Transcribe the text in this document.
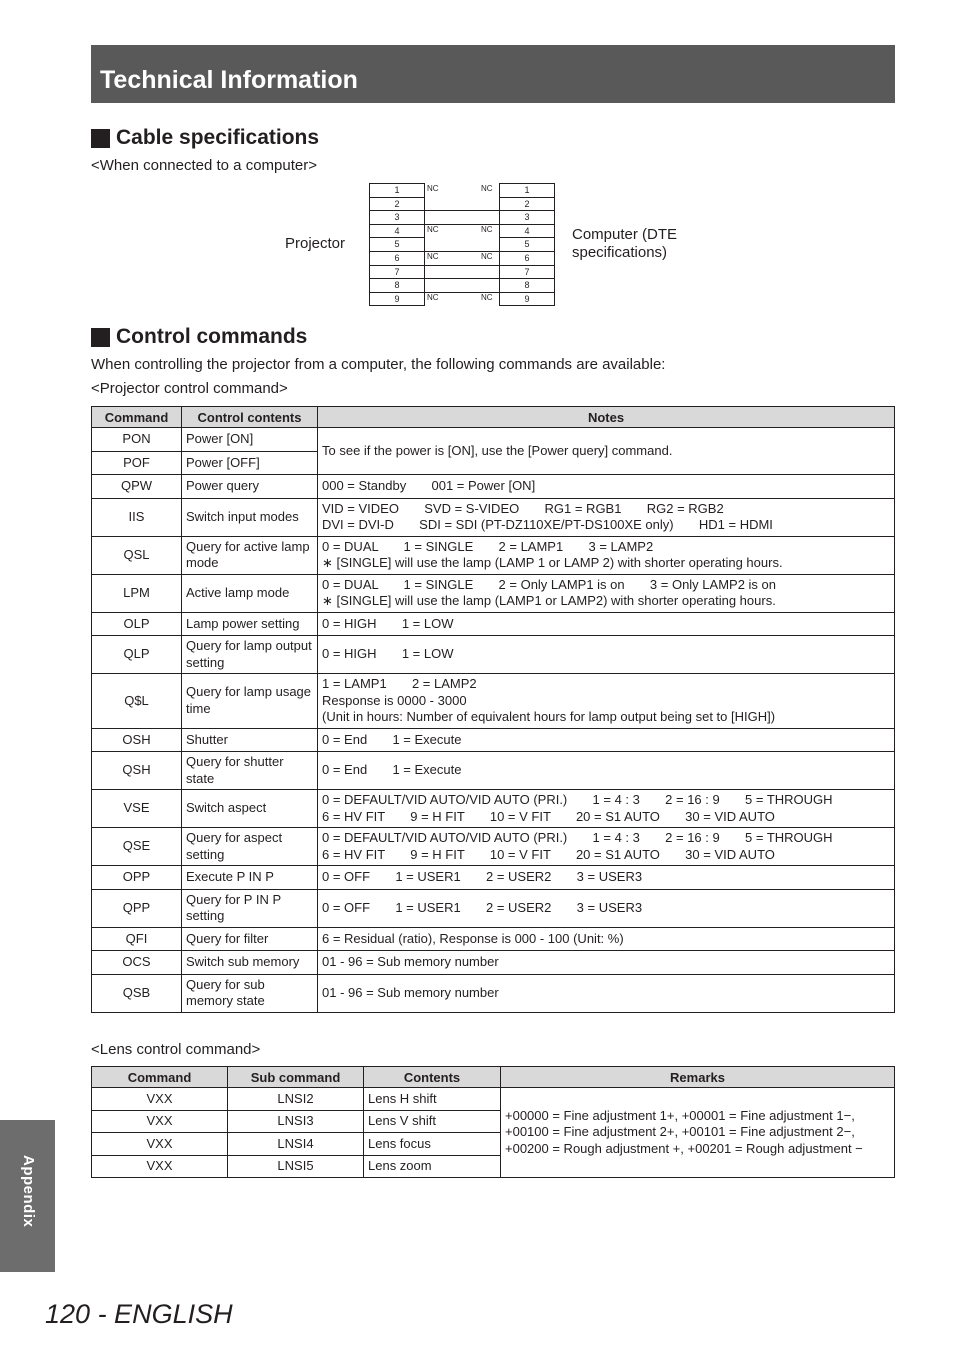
Technical Information
Cable specifications
<When connected to a computer>
Projector
Computer (DTE specifications)
1
2
3
4
5
6
7
8
9
1
2
3
4
5
6
7
8
9
NC	NC
NC	NC
NC	NC
NC	NC
Control commands
When controlling the projector from a computer, the following commands are available:
<Projector control command>
Command	Control contents	Notes
PON	Power [ON]	To see if the power is [ON], use the [Power query] command.

POF	Power [OFF]	
QPW	Power query	000 = Standby       001 = Power [ON]

IIS	Switch input modes	VID = VIDEO       SVD = S-VIDEO       RG1 = RGB1       RG2 = RGB2
DVI = DVI-D       SDI = SDI (PT-DZ110XE/PT-DS100XE only)       HD1 = HDMI

QSL	Query for active lamp mode	0 = DUAL       1 = SINGLE       2 = LAMP1       3 = LAMP2
∗ [SINGLE] will use the lamp (LAMP 1 or LAMP 2) with shorter operating hours.

LPM	Active lamp mode	0 = DUAL       1 = SINGLE       2 = Only LAMP1 is on       3 = Only LAMP2 is on
∗ [SINGLE] will use the lamp (LAMP1 or LAMP2) with shorter operating hours.

OLP	Lamp power setting	0 = HIGH       1 = LOW

QLP	Query for lamp output setting	0 = HIGH       1 = LOW

Q$L	Query for lamp usage time	1 = LAMP1       2 = LAMP2
Response is 0000 - 3000
(Unit in hours: Number of equivalent hours for lamp output being set to [HIGH])

OSH	Shutter	0 = End       1 = Execute

QSH	Query for shutter state	0 = End       1 = Execute

VSE	Switch aspect	0 = DEFAULT/VID AUTO/VID AUTO (PRI.)       1 = 4 : 3       2 = 16 : 9       5 = THROUGH
6 = HV FIT       9 = H FIT       10 = V FIT       20 = S1 AUTO       30 = VID AUTO

QSE	Query for aspect setting	0 = DEFAULT/VID AUTO/VID AUTO (PRI.)       1 = 4 : 3       2 = 16 : 9       5 = THROUGH
6 = HV FIT       9 = H FIT       10 = V FIT       20 = S1 AUTO       30 = VID AUTO

OPP	Execute P IN P	0 = OFF       1 = USER1       2 = USER2       3 = USER3

QPP	Query for P IN P setting	0 = OFF       1 = USER1       2 = USER2       3 = USER3

QFI	Query for filter	6 = Residual (ratio), Response is 000 - 100 (Unit: %)

OCS	Switch sub memory	01 - 96 = Sub memory number

QSB	Query for sub memory state	01 - 96 = Sub memory number
<Lens control command>
Command	Sub command	Contents	Remarks
VXX	LNSI2	Lens H shift	+00000 = Fine adjustment 1+, +00001 = Fine adjustment 1−,
+00100 = Fine adjustment 2+, +00101 = Fine adjustment 2−,
+00200 = Rough adjustment +, +00201 = Rough adjustment −

VXX	LNSI3	Lens V shift	
VXX	LNSI4	Lens focus	
VXX	LNSI5	Lens zoom	
Appendix
120 - ENGLISH
